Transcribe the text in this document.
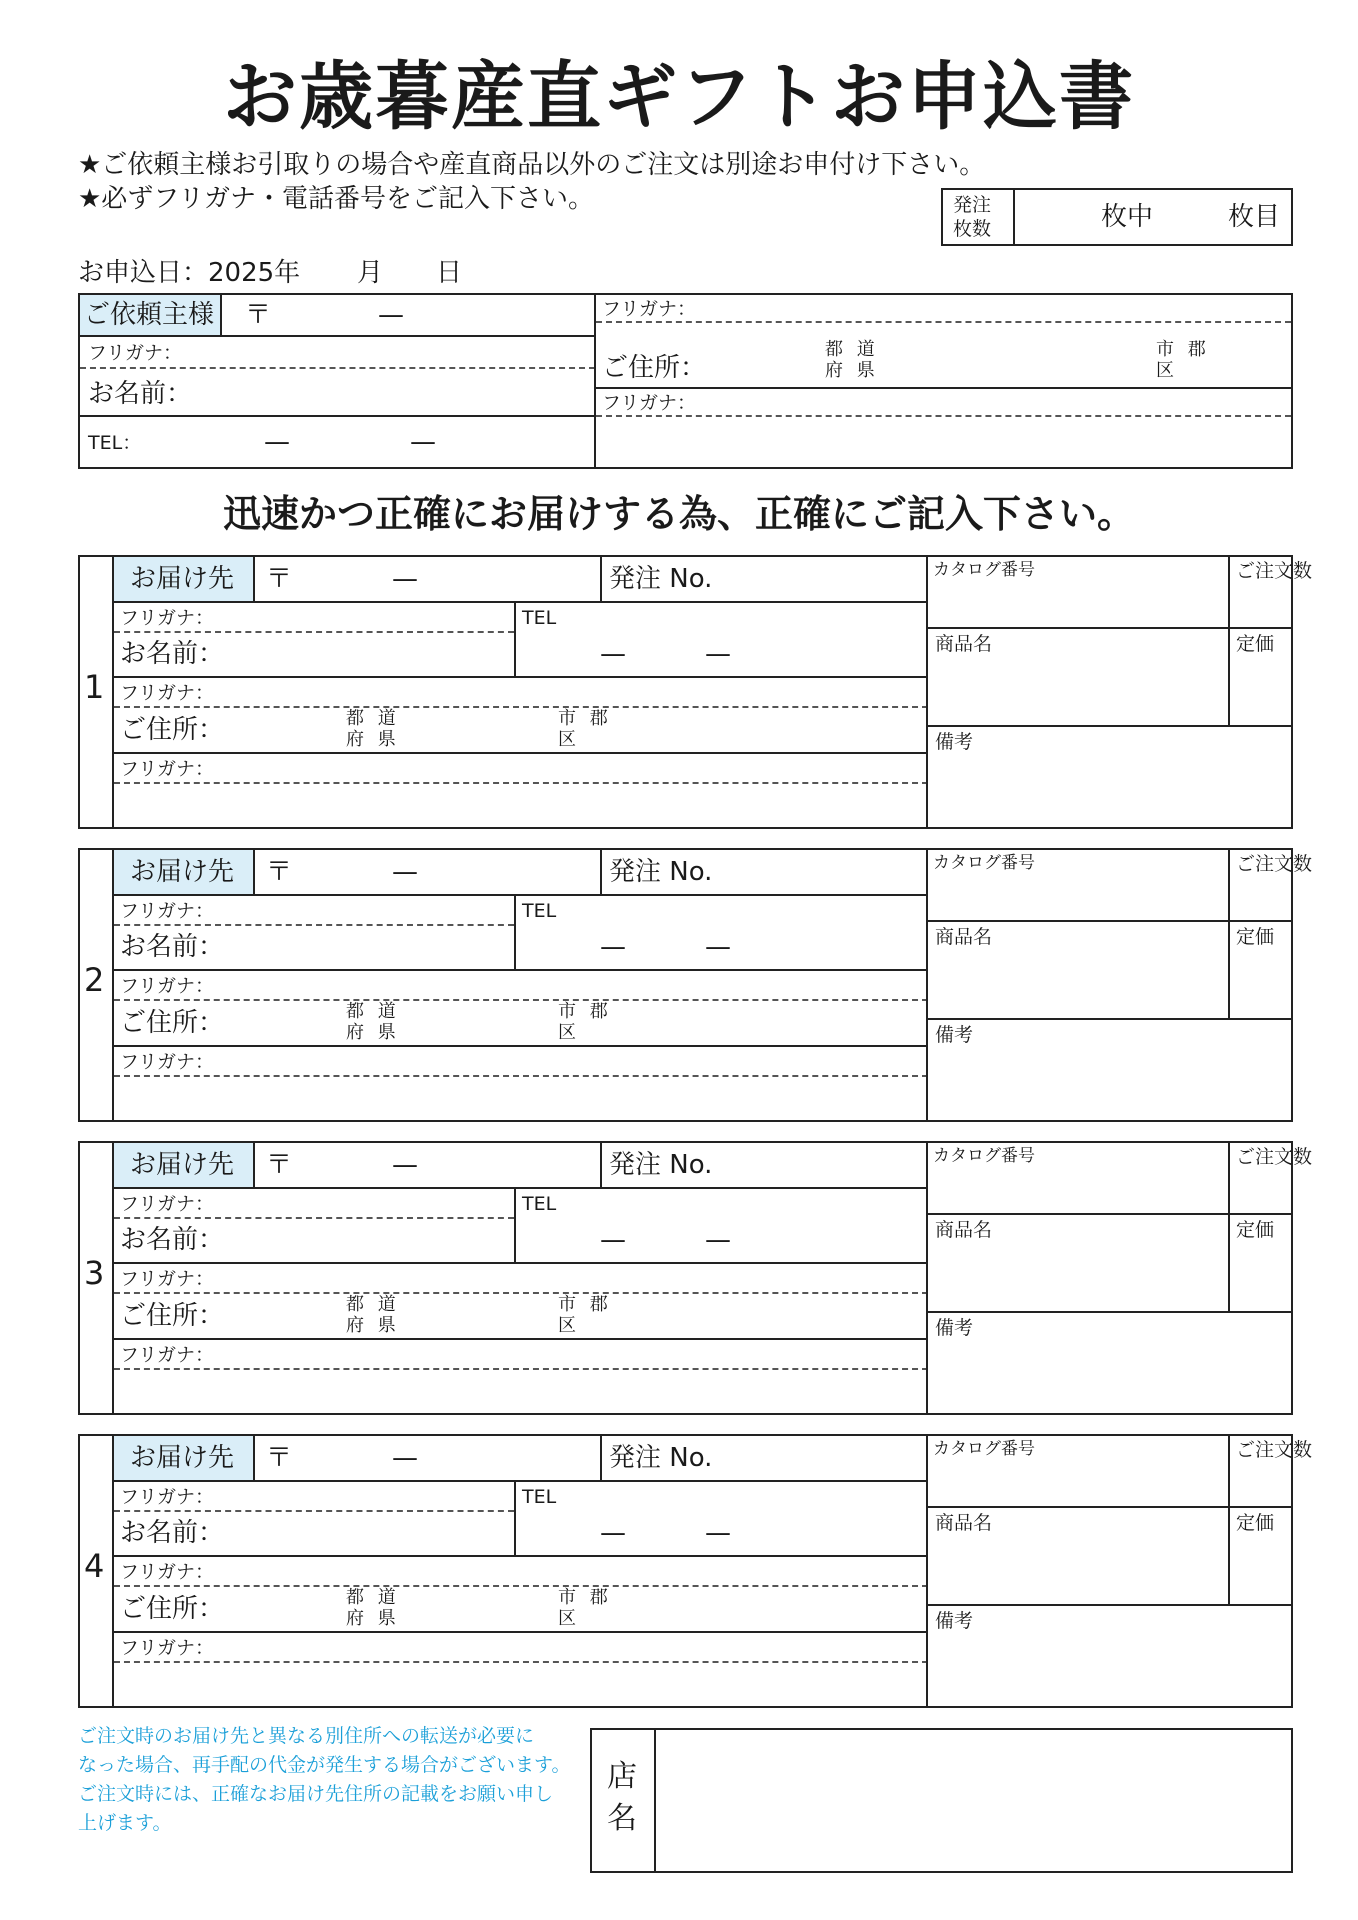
お歳暮産直ギフトお申込書
★ご依頼主様お引取りの場合や産直商品以外のご注文は別途お申付け下さい。
★必ずフリガナ・電話番号をご記入下さい。	発注
枚数	枚中	枚目
お申込日：2025年 月 日
ご依頼主様 〒	—
フリガナ：
お名前：
TEL：	—	—
フリガナ：
ご住所：
都 道
府 県
市 郡
区
フリガナ：
迅速かつ正確にお届けする為、正確にご記入下さい。
1
お届け先 〒	—	発注 No.
フリガナ：	TEL
お名前：	—	—
フリガナ：
ご住所：	都 道
府 県
市 郡
区
フリガナ：
カタログ番号	ご注文数
商品名	定価
備考
2
お届け先 〒	—	発注 No.
フリガナ：	TEL
お名前：	—	—
フリガナ：
ご住所：	都 道
府 県
市 郡
区
フリガナ：
カタログ番号	ご注文数
商品名	定価
備考
3
お届け先 〒	—	発注 No.
フリガナ：	TEL
お名前：	—	—
フリガナ：
ご住所：	都 道
府 県
市 郡
区
フリガナ：
カタログ番号	ご注文数
商品名	定価
備考
4
お届け先 〒	—	発注 No.
フリガナ：	TEL
お名前：	—	—
フリガナ：
ご住所：	都 道
府 県
市 郡
区
フリガナ：
カタログ番号	ご注文数
商品名	定価
備考
ご注文時のお届け先と異なる別住所への転送が必要に
なった場合、再手配の代金が発生する場合がございます。
ご注文時には、正確なお届け先住所の記載をお願い申し
上げます。
店
名
